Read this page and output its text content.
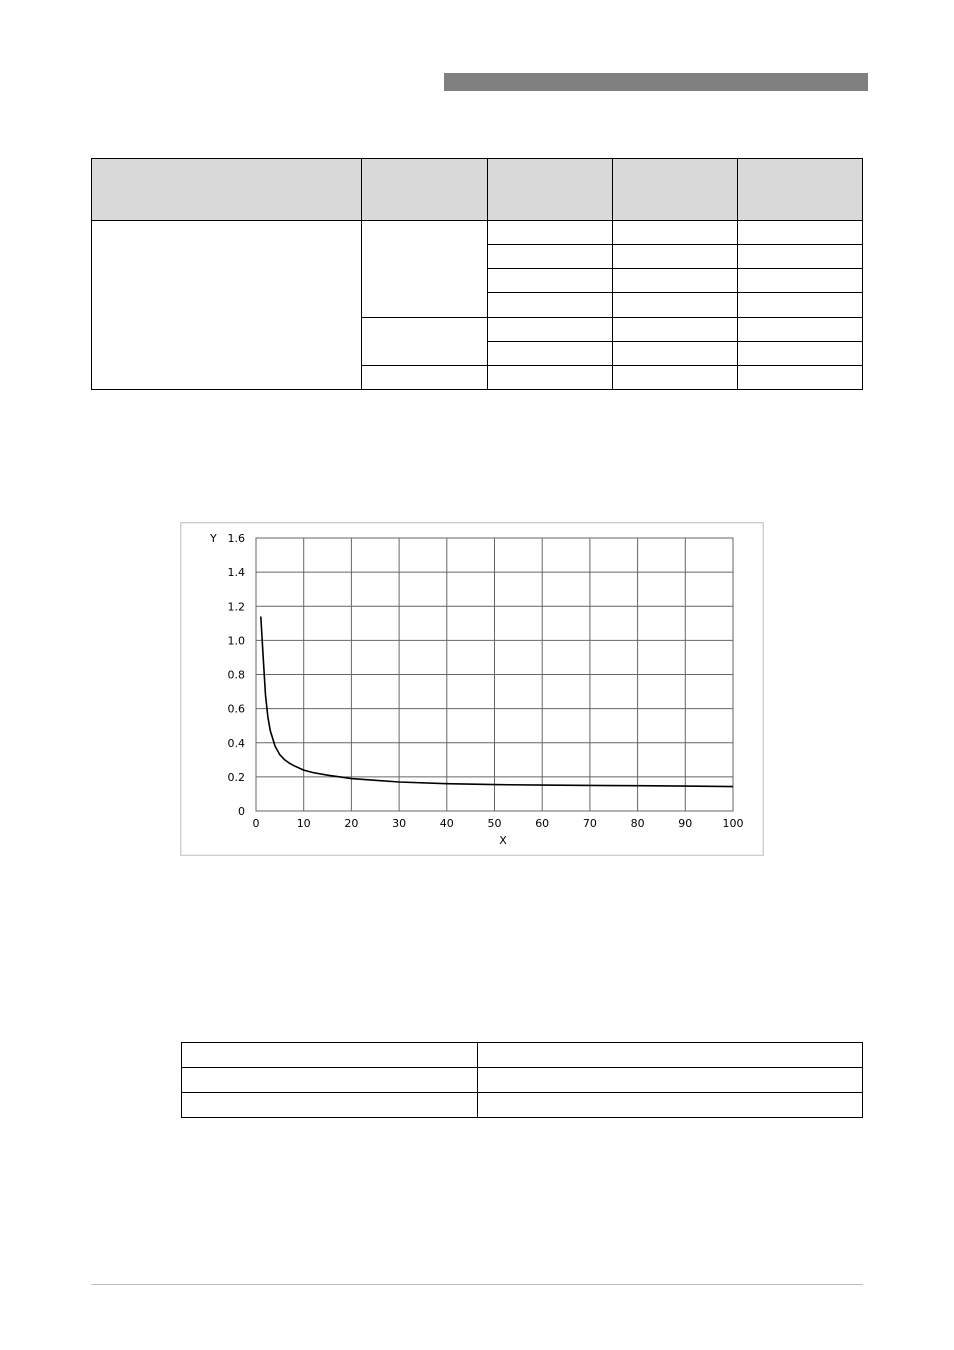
0	10	20	30	40	50	60	70	80	90	100
0
0.2
0.4
0.6
0.8
1.0
1.2
1.4
1.6
Y
X
